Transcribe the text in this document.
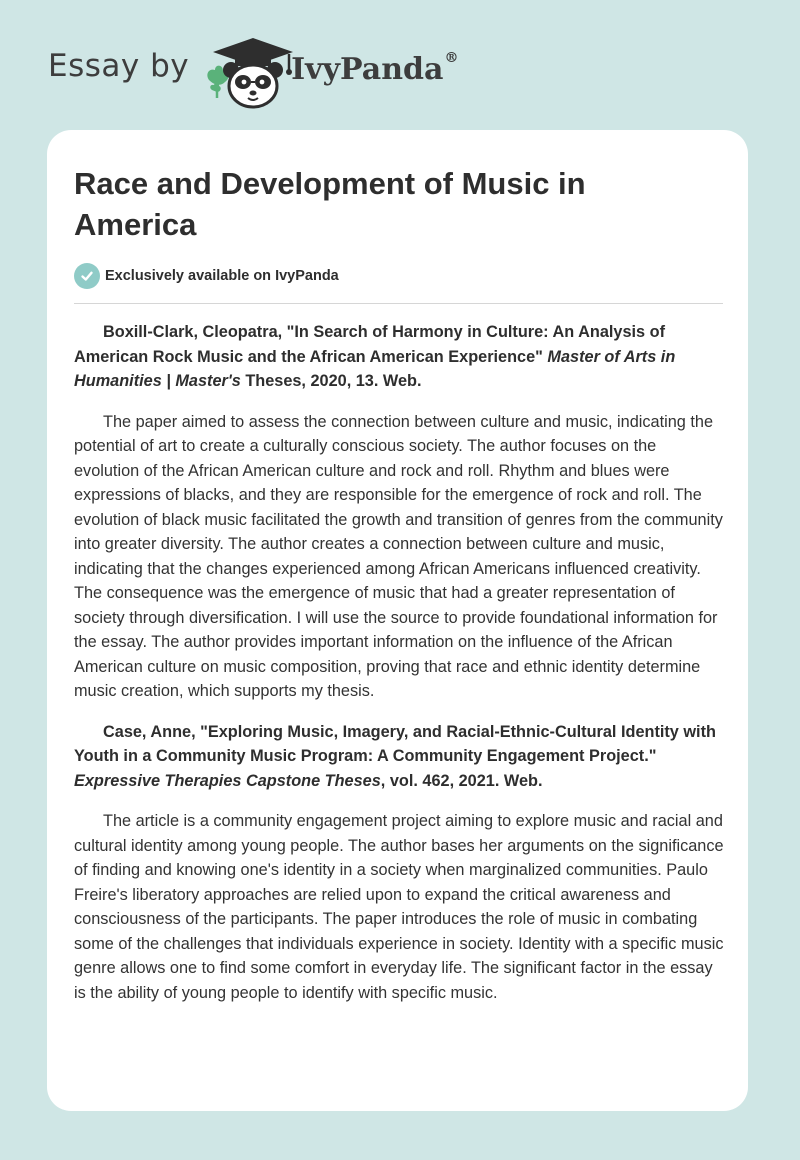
Essay by	IvyPanda®
Race and Development of Music in America
Exclusively available on IvyPanda

Boxill-Clark, Cleopatra, "In Search of Harmony in Culture: An Analysis of American Rock Music and the African American Experience" Master of Arts in Humanities | Master's Theses, 2020, 13. Web.

The paper aimed to assess the connection between culture and music, indicating the potential of art to create a culturally conscious society. The author focuses on the evolution of the African American culture and rock and roll. Rhythm and blues were expressions of blacks, and they are responsible for the emergence of rock and roll. The evolution of black music facilitated the growth and transition of genres from the community into greater diversity. The author creates a connection between culture and music, indicating that the changes experienced among African Americans influenced creativity. The consequence was the emergence of music that had a greater representation of society through diversification. I will use the source to provide foundational information for the essay. The author provides important information on the influence of the African American culture on music composition, proving that race and ethnic identity determine music creation, which supports my thesis.

Case, Anne, "Exploring Music, Imagery, and Racial-Ethnic-Cultural Identity with Youth in a Community Music Program: A Community Engagement Project." Expressive Therapies Capstone Theses, vol. 462, 2021. Web.

The article is a community engagement project aiming to explore music and racial and cultural identity among young people. The author bases her arguments on the significance of finding and knowing one's identity in a society when marginalized communities. Paulo Freire's liberatory approaches are relied upon to expand the critical awareness and consciousness of the participants. The paper introduces the role of music in combating some of the challenges that individuals experience in society. Identity with a specific music genre allows one to find some comfort in everyday life. The significant factor in the essay is the ability of young people to identify with specific music.
